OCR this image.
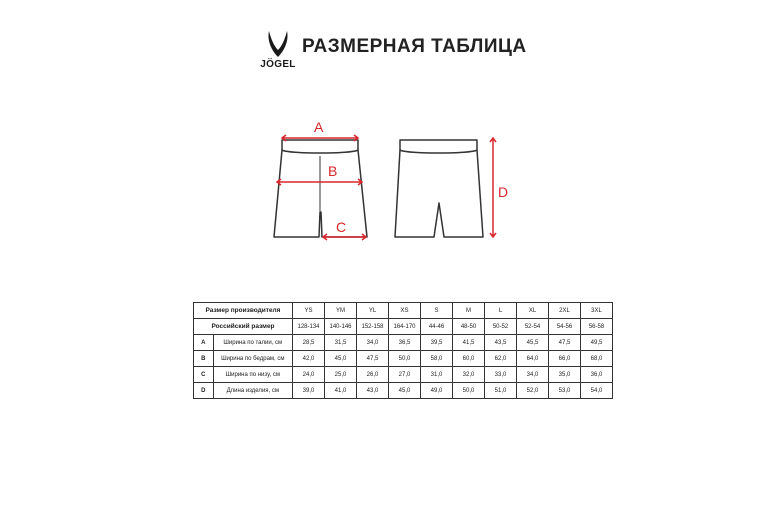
JÖGEL
РАЗМЕРНАЯ ТАБЛИЦА
A
B
C
D
Размер производителя		YS	YM	YL	XS	S	M	L	XL	2XL	3XL
Российский размер		128-134	140-146	152-158	164-170	44-46	48-50	50-52	52-54	54-56	56-58
A	Ширина по талии, см	28,5	31,5	34,0	36,5	39,5	41,5	43,5	45,5	47,5	49,5
B	Ширина по бедрам, см	42,0	45,0	47,5	50,0	58,0	60,0	62,0	64,0	66,0	68,0
C	Ширина по низу, см	24,0	25,0	26,0	27,0	31,0	32,0	33,0	34,0	35,0	36,0
D	Длина изделия, см	39,0	41,0	43,0	45,0	49,0	50,0	51,0	52,0	53,0	54,0
